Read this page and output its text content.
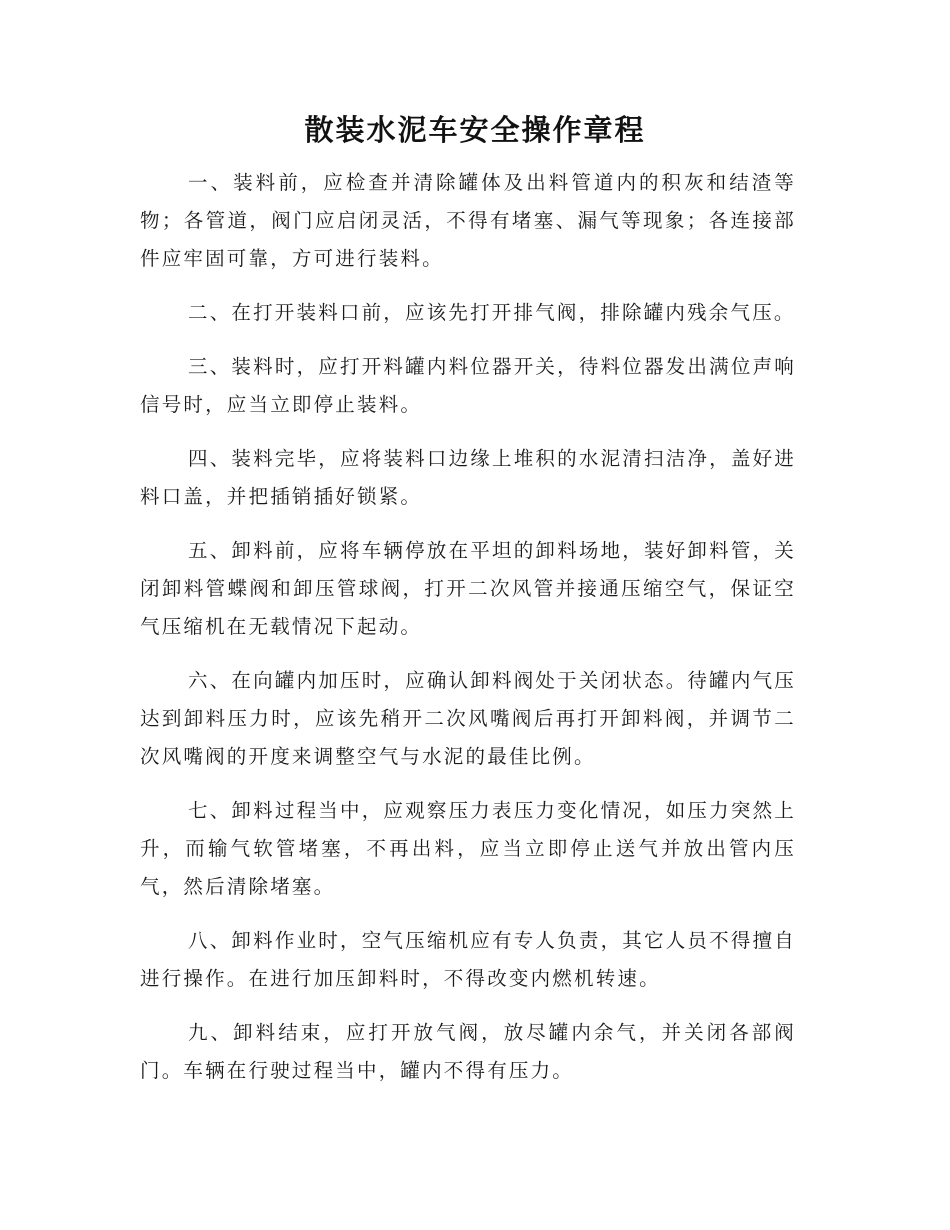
散装水泥车安全操作章程

一、装料前，应检查并清除罐体及出料管道内的积灰和结渣等物；各管道，阀门应启闭灵活，不得有堵塞、漏气等现象；各连接部件应牢固可靠，方可进行装料。

二、在打开装料口前，应该先打开排气阀，排除罐内残余气压。

三、装料时，应打开料罐内料位器开关，待料位器发出满位声响信号时，应当立即停止装料。

四、装料完毕，应将装料口边缘上堆积的水泥清扫洁净，盖好进料口盖，并把插销插好锁紧。

五、卸料前，应将车辆停放在平坦的卸料场地，装好卸料管，关闭卸料管蝶阀和卸压管球阀，打开二次风管并接通压缩空气，保证空气压缩机在无载情况下起动。

六、在向罐内加压时，应确认卸料阀处于关闭状态。待罐内气压达到卸料压力时，应该先稍开二次风嘴阀后再打开卸料阀，并调节二次风嘴阀的开度来调整空气与水泥的最佳比例。

七、卸料过程当中，应观察压力表压力变化情况，如压力突然上升，而输气软管堵塞，不再出料，应当立即停止送气并放出管内压气，然后清除堵塞。

八、卸料作业时，空气压缩机应有专人负责，其它人员不得擅自进行操作。在进行加压卸料时，不得改变内燃机转速。

九、卸料结束，应打开放气阀，放尽罐内余气，并关闭各部阀门。车辆在行驶过程当中，罐内不得有压力。
